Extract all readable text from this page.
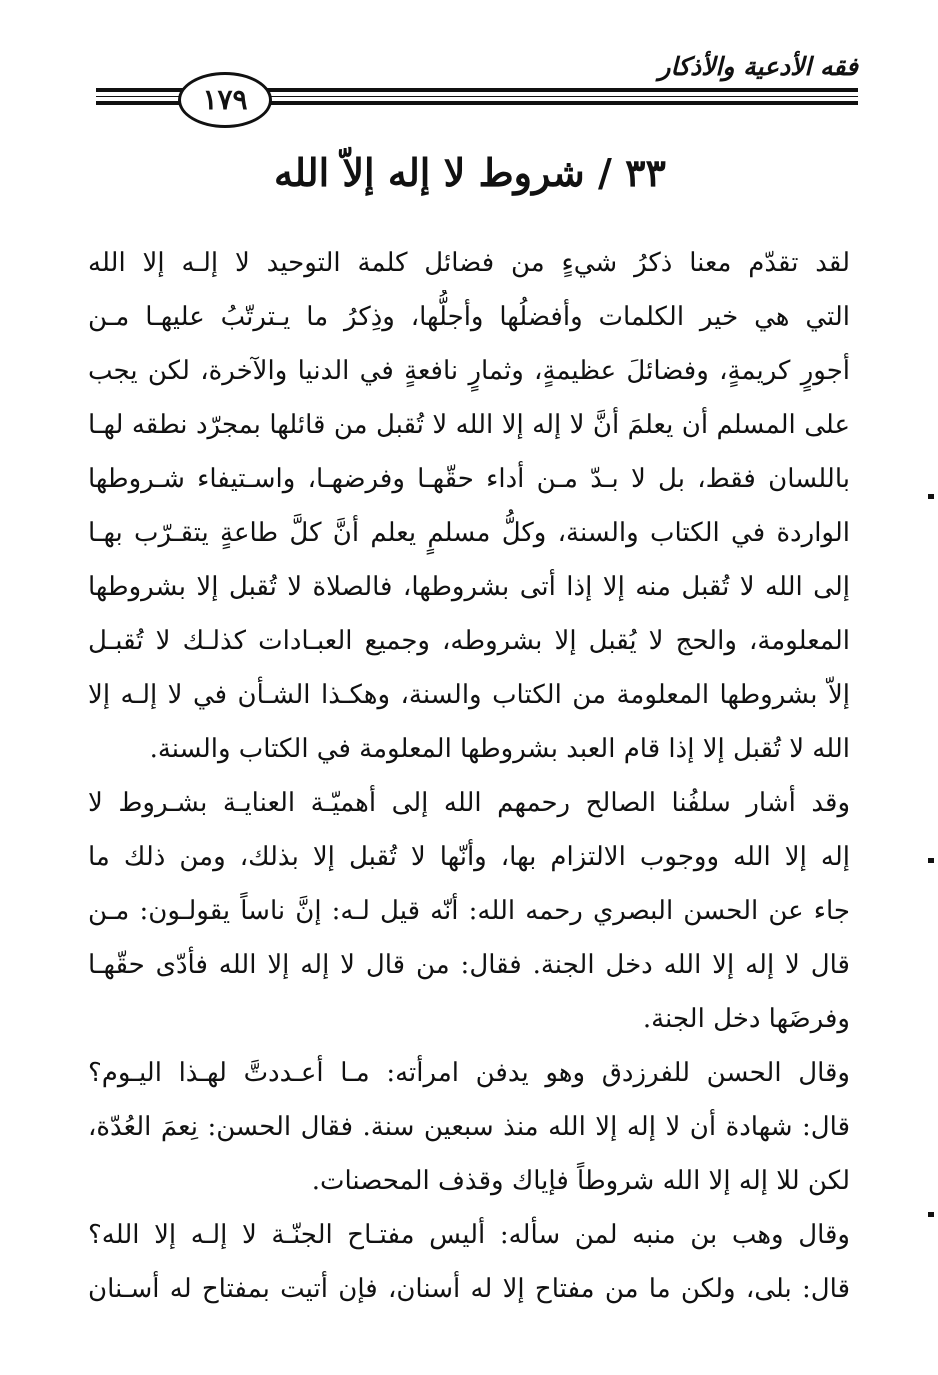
فقه الأدعية والأذكار
١٧٩
٣٣ / شروط لا إله إلاّ الله
لقد تقدّم معنا ذكرُ شيءٍ من فضائل كلمة التوحيد لا إلـه إلا الله
التي هي خير الكلمات وأفضلُها وأجلُّها، وذِكرُ ما يـترتّبُ عليهـا مـن
أجورٍ كريمةٍ، وفضائلَ عظيمةٍ، وثمارٍ نافعةٍ في الدنيا والآخرة، لكن يجب
على المسلم أن يعلمَ أنَّ لا إله إلا الله لا تُقبل من قائلها بمجرّد نطقه لهـا
باللسان فقط، بل لا بـدّ مـن أداء حقّهـا وفرضهـا، واسـتيفاء شـروطها
الواردة في الكتاب والسنة، وكلُّ مسلمٍ يعلم أنَّ كلَّ طاعةٍ يتقـرّب بهـا
إلى الله لا تُقبل منه إلا إذا أتى بشروطها، فالصلاة لا تُقبل إلا بشروطها
المعلومة، والحج لا يُقبل إلا بشروطه، وجميع العبـادات كذلـك لا تُقبـل
إلاّ بشروطها المعلومة من الكتاب والسنة، وهكـذا الشـأن في لا إلـه إلا
الله لا تُقبل إلا إذا قام العبد بشروطها المعلومة في الكتاب والسنة.
وقد أشار سلفُنا الصالح رحمهم الله إلى أهميّـة العنايـة بشـروط لا
إله إلا الله ووجوب الالتزام بها، وأنّها لا تُقبل إلا بذلك، ومن ذلك ما
جاء عن الحسن البصري رحمه الله: أنّه قيل لـه: إنَّ ناساً يقولـون: مـن
قال لا إله إلا الله دخل الجنة. فقال: من قال لا إله إلا الله فأدّى حقّهـا
وفرضَها دخل الجنة.
وقال الحسن للفرزدق وهو يدفن امرأته: مـا أعـددتَّ لهـذا اليـوم؟
قال: شهادة أن لا إله إلا الله منذ سبعين سنة. فقال الحسن: نِعمَ العُدّة،
لكن للا إله إلا الله شروطاً فإياك وقذف المحصنات.
وقال وهب بن منبه لمن سأله: أليس مفتـاح الجنّـة لا إلـه إلا الله؟
قال: بلى، ولكن ما من مفتاح إلا له أسنان، فإن أتيت بمفتاح له أسـنان
